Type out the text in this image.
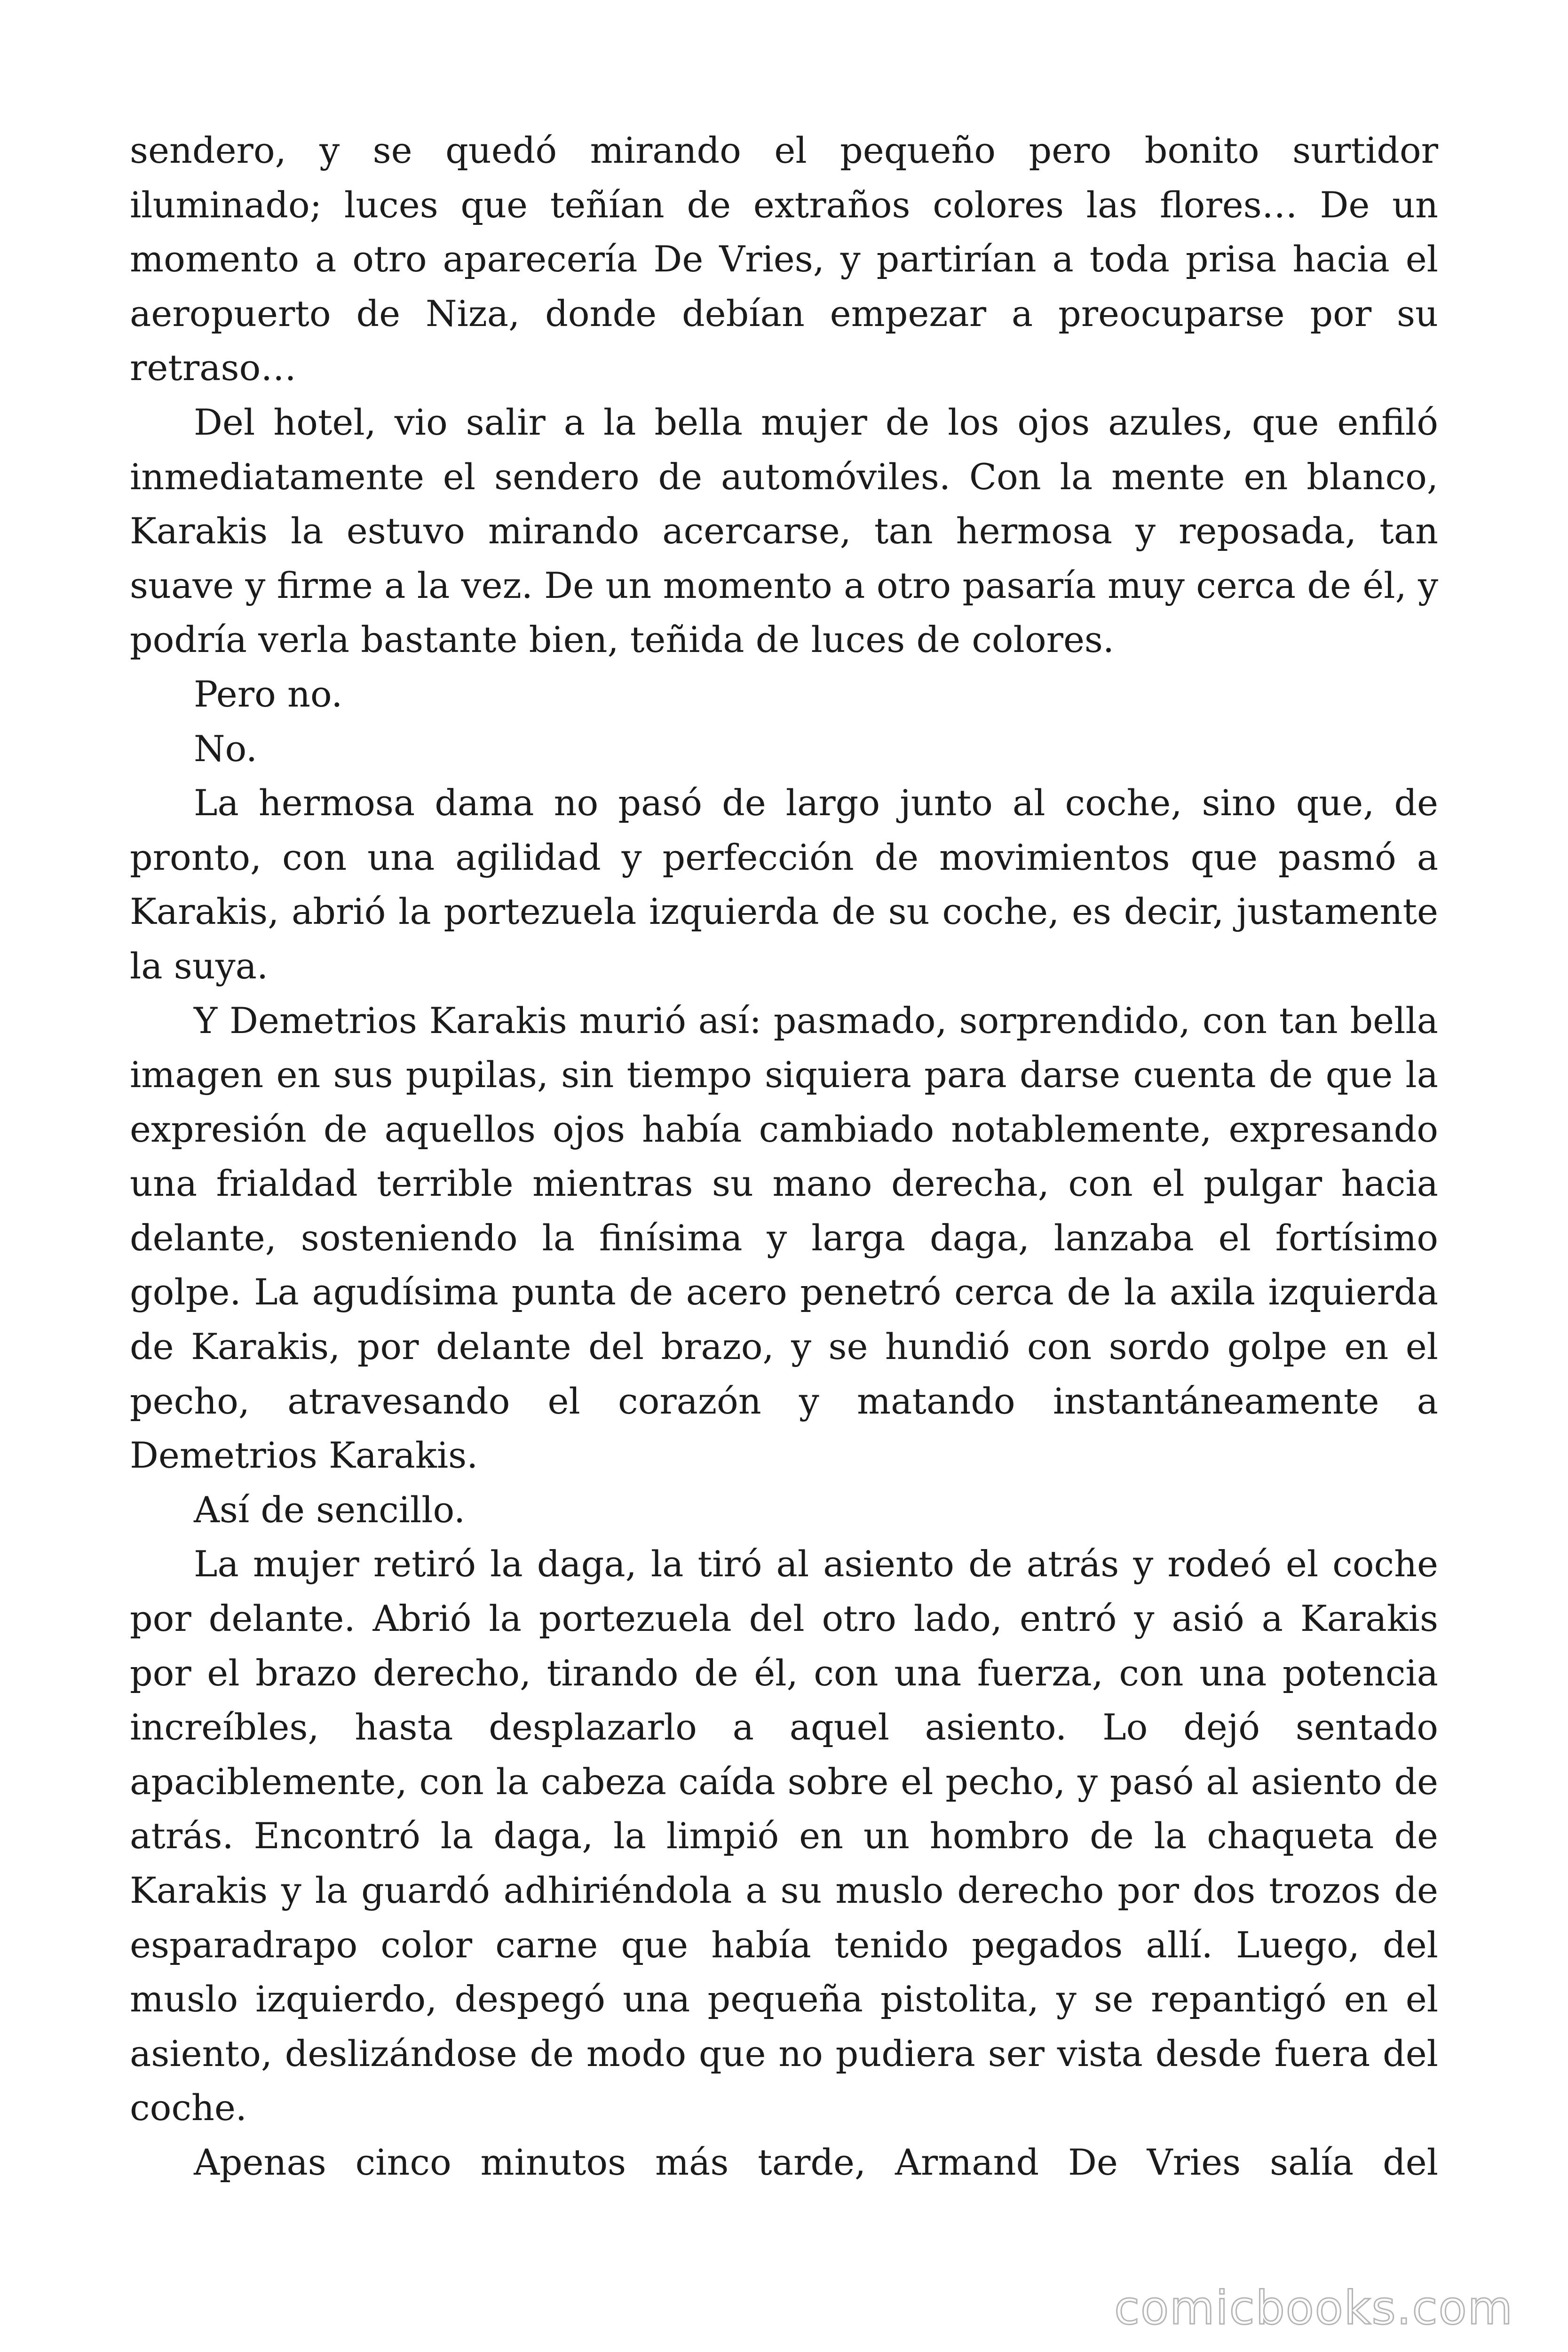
sendero, y se quedó mirando el pequeño pero bonito surtidor iluminado; luces que teñían de extraños colores las flores… De un momento a otro aparecería De Vries, y partirían a toda prisa hacia el aeropuerto de Niza, donde debían empezar a preocuparse por su retraso…

Del hotel, vio salir a la bella mujer de los ojos azules, que enfiló inmediatamente el sendero de automóviles. Con la mente en blanco, Karakis la estuvo mirando acercarse, tan hermosa y reposada, tan suave y firme a la vez. De un momento a otro pasaría muy cerca de él, y podría verla bastante bien, teñida de luces de colores.

Pero no.

No.

La hermosa dama no pasó de largo junto al coche, sino que, de pronto, con una agilidad y perfección de movimientos que pasmó a Karakis, abrió la portezuela izquierda de su coche, es decir, justamente la suya.

Y Demetrios Karakis murió así: pasmado, sorprendido, con tan bella imagen en sus pupilas, sin tiempo siquiera para darse cuenta de que la expresión de aquellos ojos había cambiado notablemente, expresando una frialdad terrible mientras su mano derecha, con el pulgar hacia delante, sosteniendo la finísima y larga daga, lanzaba el fortísimo golpe. La agudísima punta de acero penetró cerca de la axila izquierda de Karakis, por delante del brazo, y se hundió con sordo golpe en el pecho, atravesando el corazón y matando instantáneamente a Demetrios Karakis.

Así de sencillo.

La mujer retiró la daga, la tiró al asiento de atrás y rodeó el coche por delante. Abrió la portezuela del otro lado, entró y asió a Karakis por el brazo derecho, tirando de él, con una fuerza, con una potencia increíbles, hasta desplazarlo a aquel asiento. Lo dejó sentado apaciblemente, con la cabeza caída sobre el pecho, y pasó al asiento de atrás. Encontró la daga, la limpió en un hombro de la chaqueta de Karakis y la guardó adhiriéndola a su muslo derecho por dos trozos de esparadrapo color carne que había tenido pegados allí. Luego, del muslo izquierdo, despegó una pequeña pistolita, y se repantigó en el asiento, deslizándose de modo que no pudiera ser vista desde fuera del coche.

Apenas cinco minutos más tarde, Armand De Vries salía del

comicbooks.com
